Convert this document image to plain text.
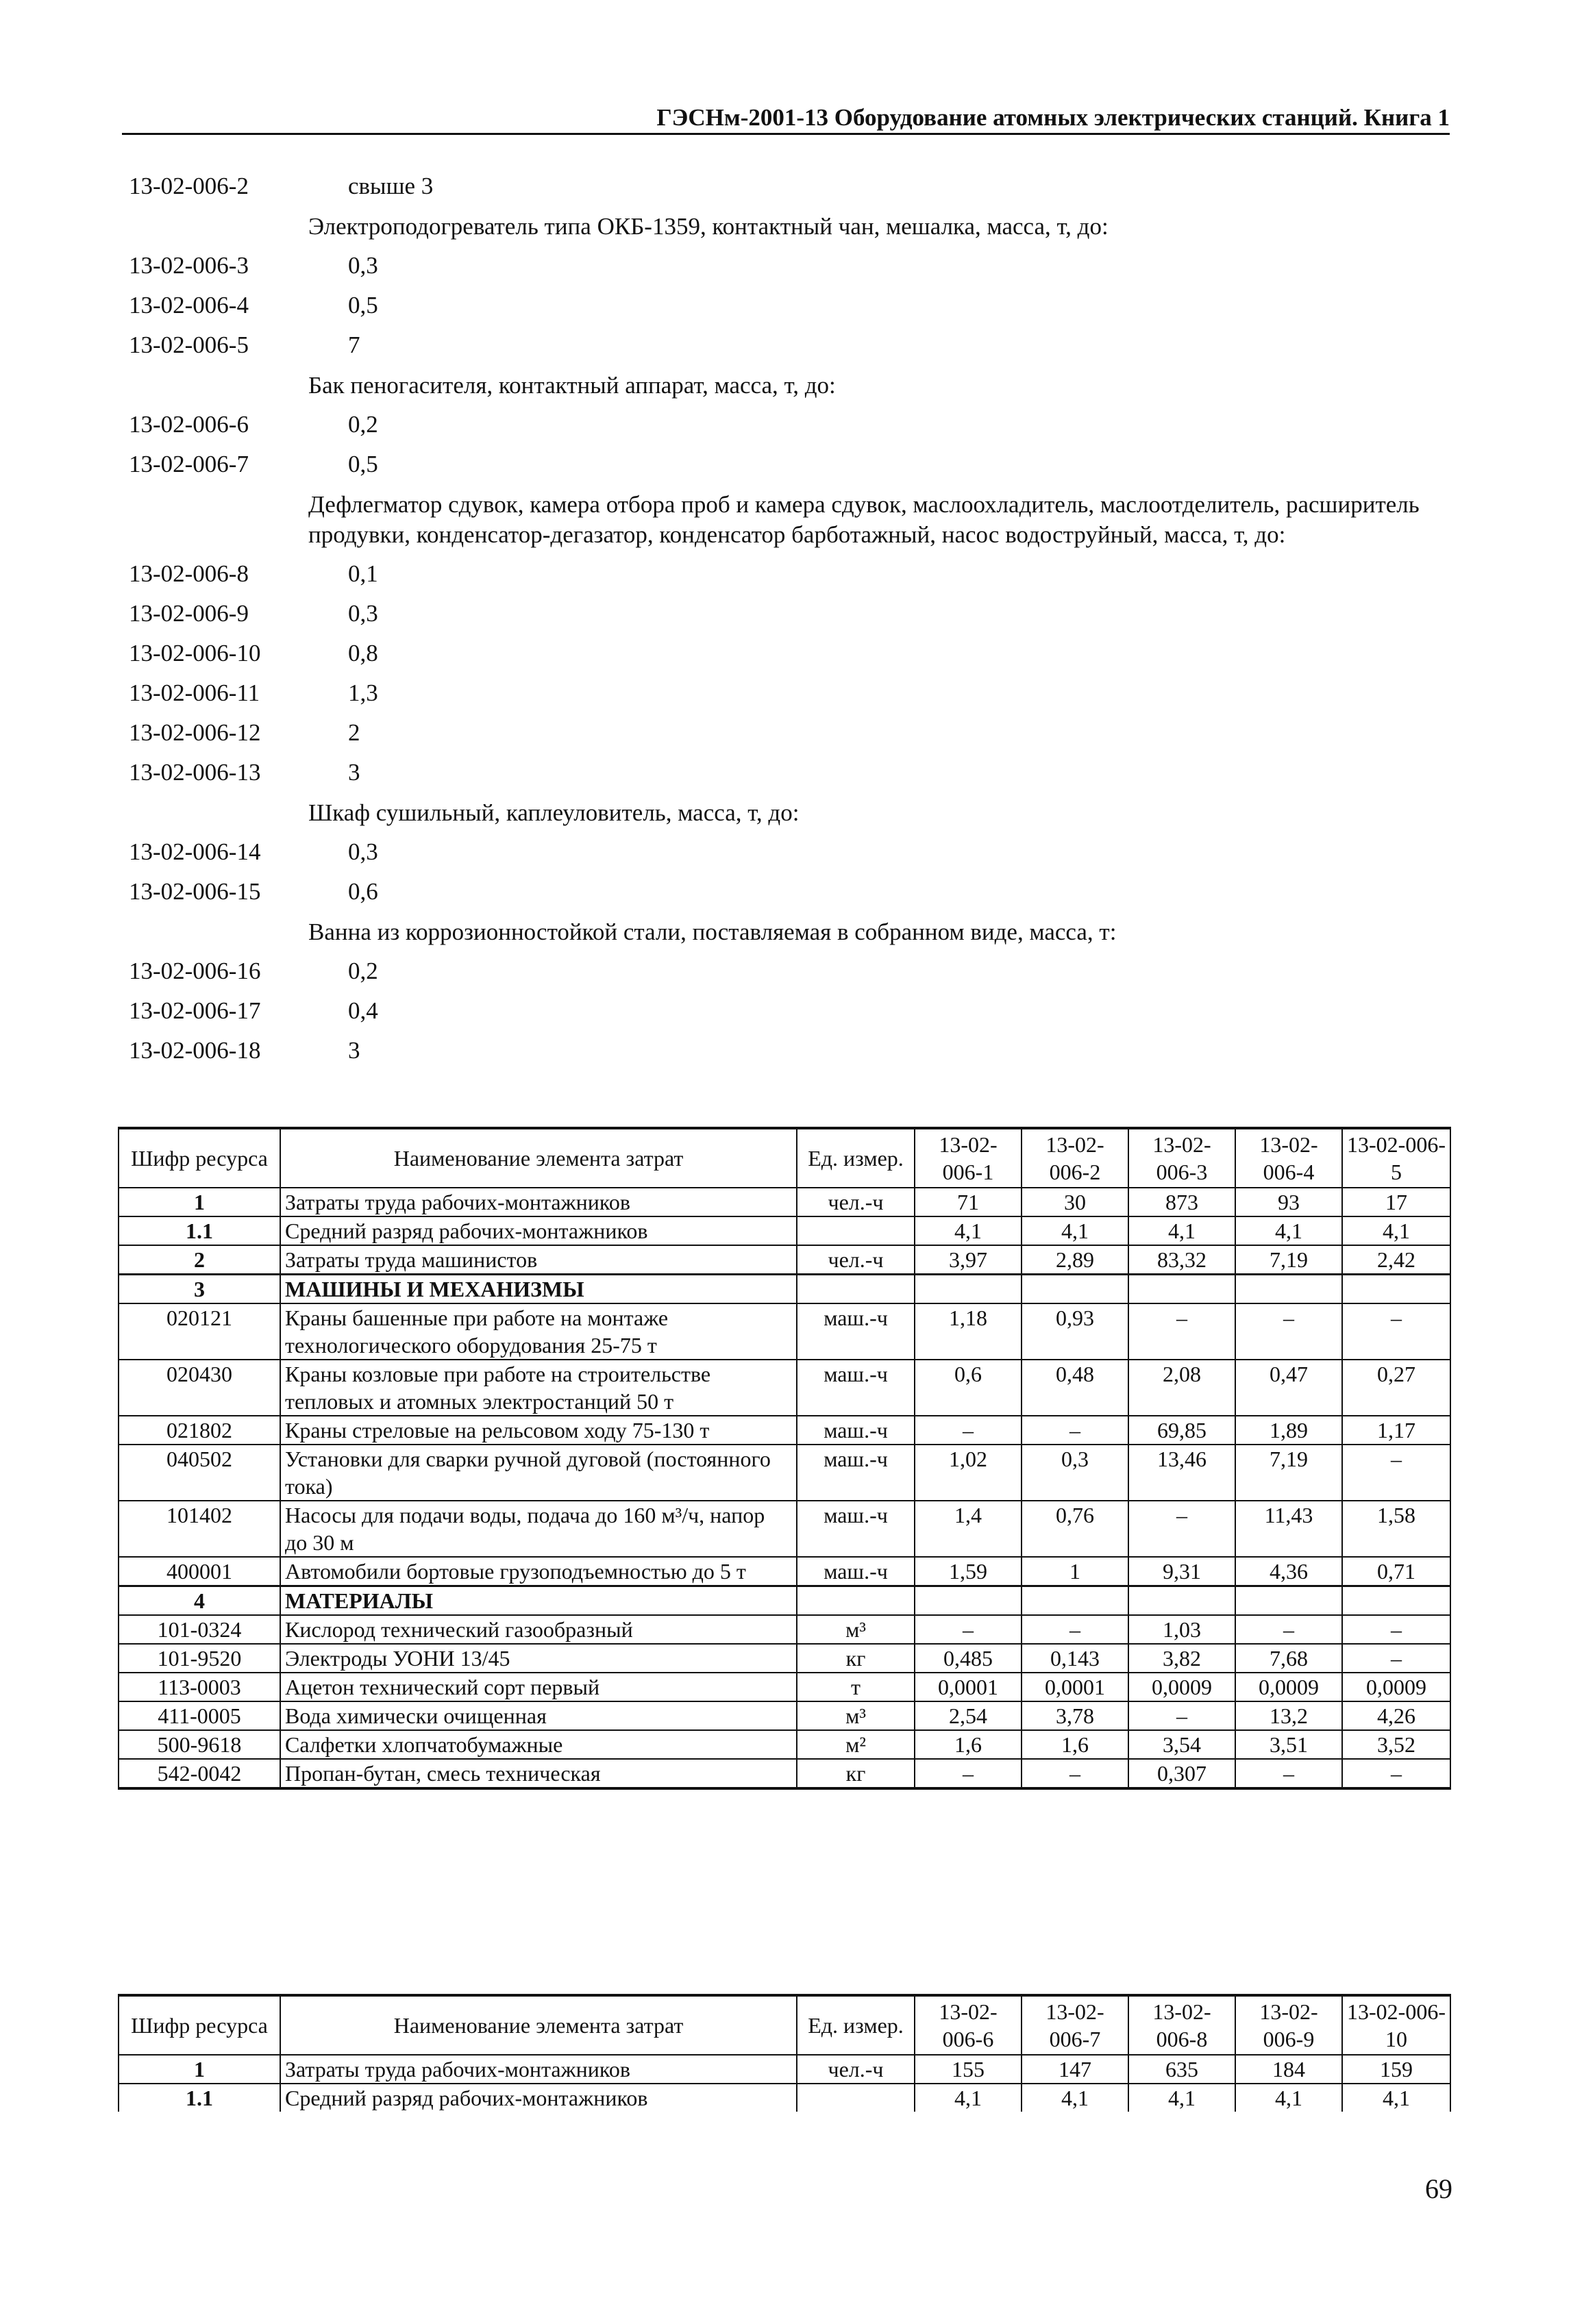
ГЭСНм-2001-13 Оборудование атомных электрических станций. Книга 1
13-02-006-2	свыше 3
Электроподогреватель типа ОКБ-1359, контактный чан, мешалка, масса, т, до:
13-02-006-3	0,3
13-02-006-4	0,5
13-02-006-5	7
Бак пеногасителя, контактный аппарат, масса, т, до:
13-02-006-6	0,2
13-02-006-7	0,5
Дефлегматор сдувок, камера отбора проб и камера сдувок, маслоохладитель, маслоотделитель, расширитель продувки, конденсатор-дегазатор, конденсатор барботажный, насос водоструйный, масса, т, до:
13-02-006-8	0,1
13-02-006-9	0,3
13-02-006-10	0,8
13-02-006-11	1,3
13-02-006-12	2
13-02-006-13	3
Шкаф сушильный, каплеуловитель, масса, т, до:
13-02-006-14	0,3
13-02-006-15	0,6
Ванна из коррозионностойкой стали, поставляемая в собранном виде, масса, т:
13-02-006-16	0,2
13-02-006-17	0,4
13-02-006-18	3
Шифр ресурса	Наименование элемента затрат	Ед. измер.	13-02-006-1	13-02-006-2	13-02-006-3	13-02-006-4	13-02-006-5
1	Затраты труда рабочих-монтажников	чел.-ч	71	30	873	93	17
1.1	Средний разряд рабочих-монтажников		4,1	4,1	4,1	4,1	4,1
2	Затраты труда машинистов	чел.-ч	3,97	2,89	83,32	7,19	2,42
3	МАШИНЫ И МЕХАНИЗМЫ						
020121	Краны башенные при работе на монтаже технологического оборудования 25-75 т	маш.-ч	1,18	0,93	–	–	–
020430	Краны козловые при работе на строительстве тепловых и атомных электростанций 50 т	маш.-ч	0,6	0,48	2,08	0,47	0,27
021802	Краны стреловые на рельсовом ходу 75-130 т	маш.-ч	–	–	69,85	1,89	1,17
040502	Установки для сварки ручной дуговой (постоянного тока)	маш.-ч	1,02	0,3	13,46	7,19	–
101402	Насосы для подачи воды, подача до 160 м³/ч, напор до 30 м	маш.-ч	1,4	0,76	–	11,43	1,58
400001	Автомобили бортовые грузоподъемностью до 5 т	маш.-ч	1,59	1	9,31	4,36	0,71
4	МАТЕРИАЛЫ						
101-0324	Кислород технический газообразный	м³	–	–	1,03	–	–
101-9520	Электроды УОНИ 13/45	кг	0,485	0,143	3,82	7,68	–
113-0003	Ацетон технический сорт первый	т	0,0001	0,0001	0,0009	0,0009	0,0009
411-0005	Вода химически очищенная	м³	2,54	3,78	–	13,2	4,26
500-9618	Салфетки хлопчатобумажные	м²	1,6	1,6	3,54	3,51	3,52
542-0042	Пропан-бутан, смесь техническая	кг	–	–	0,307	–	–
Шифр ресурса	Наименование элемента затрат	Ед. измер.	13-02-006-6	13-02-006-7	13-02-006-8	13-02-006-9	13-02-006-10
1	Затраты труда рабочих-монтажников	чел.-ч	155	147	635	184	159
1.1	Средний разряд рабочих-монтажников		4,1	4,1	4,1	4,1	4,1
69
